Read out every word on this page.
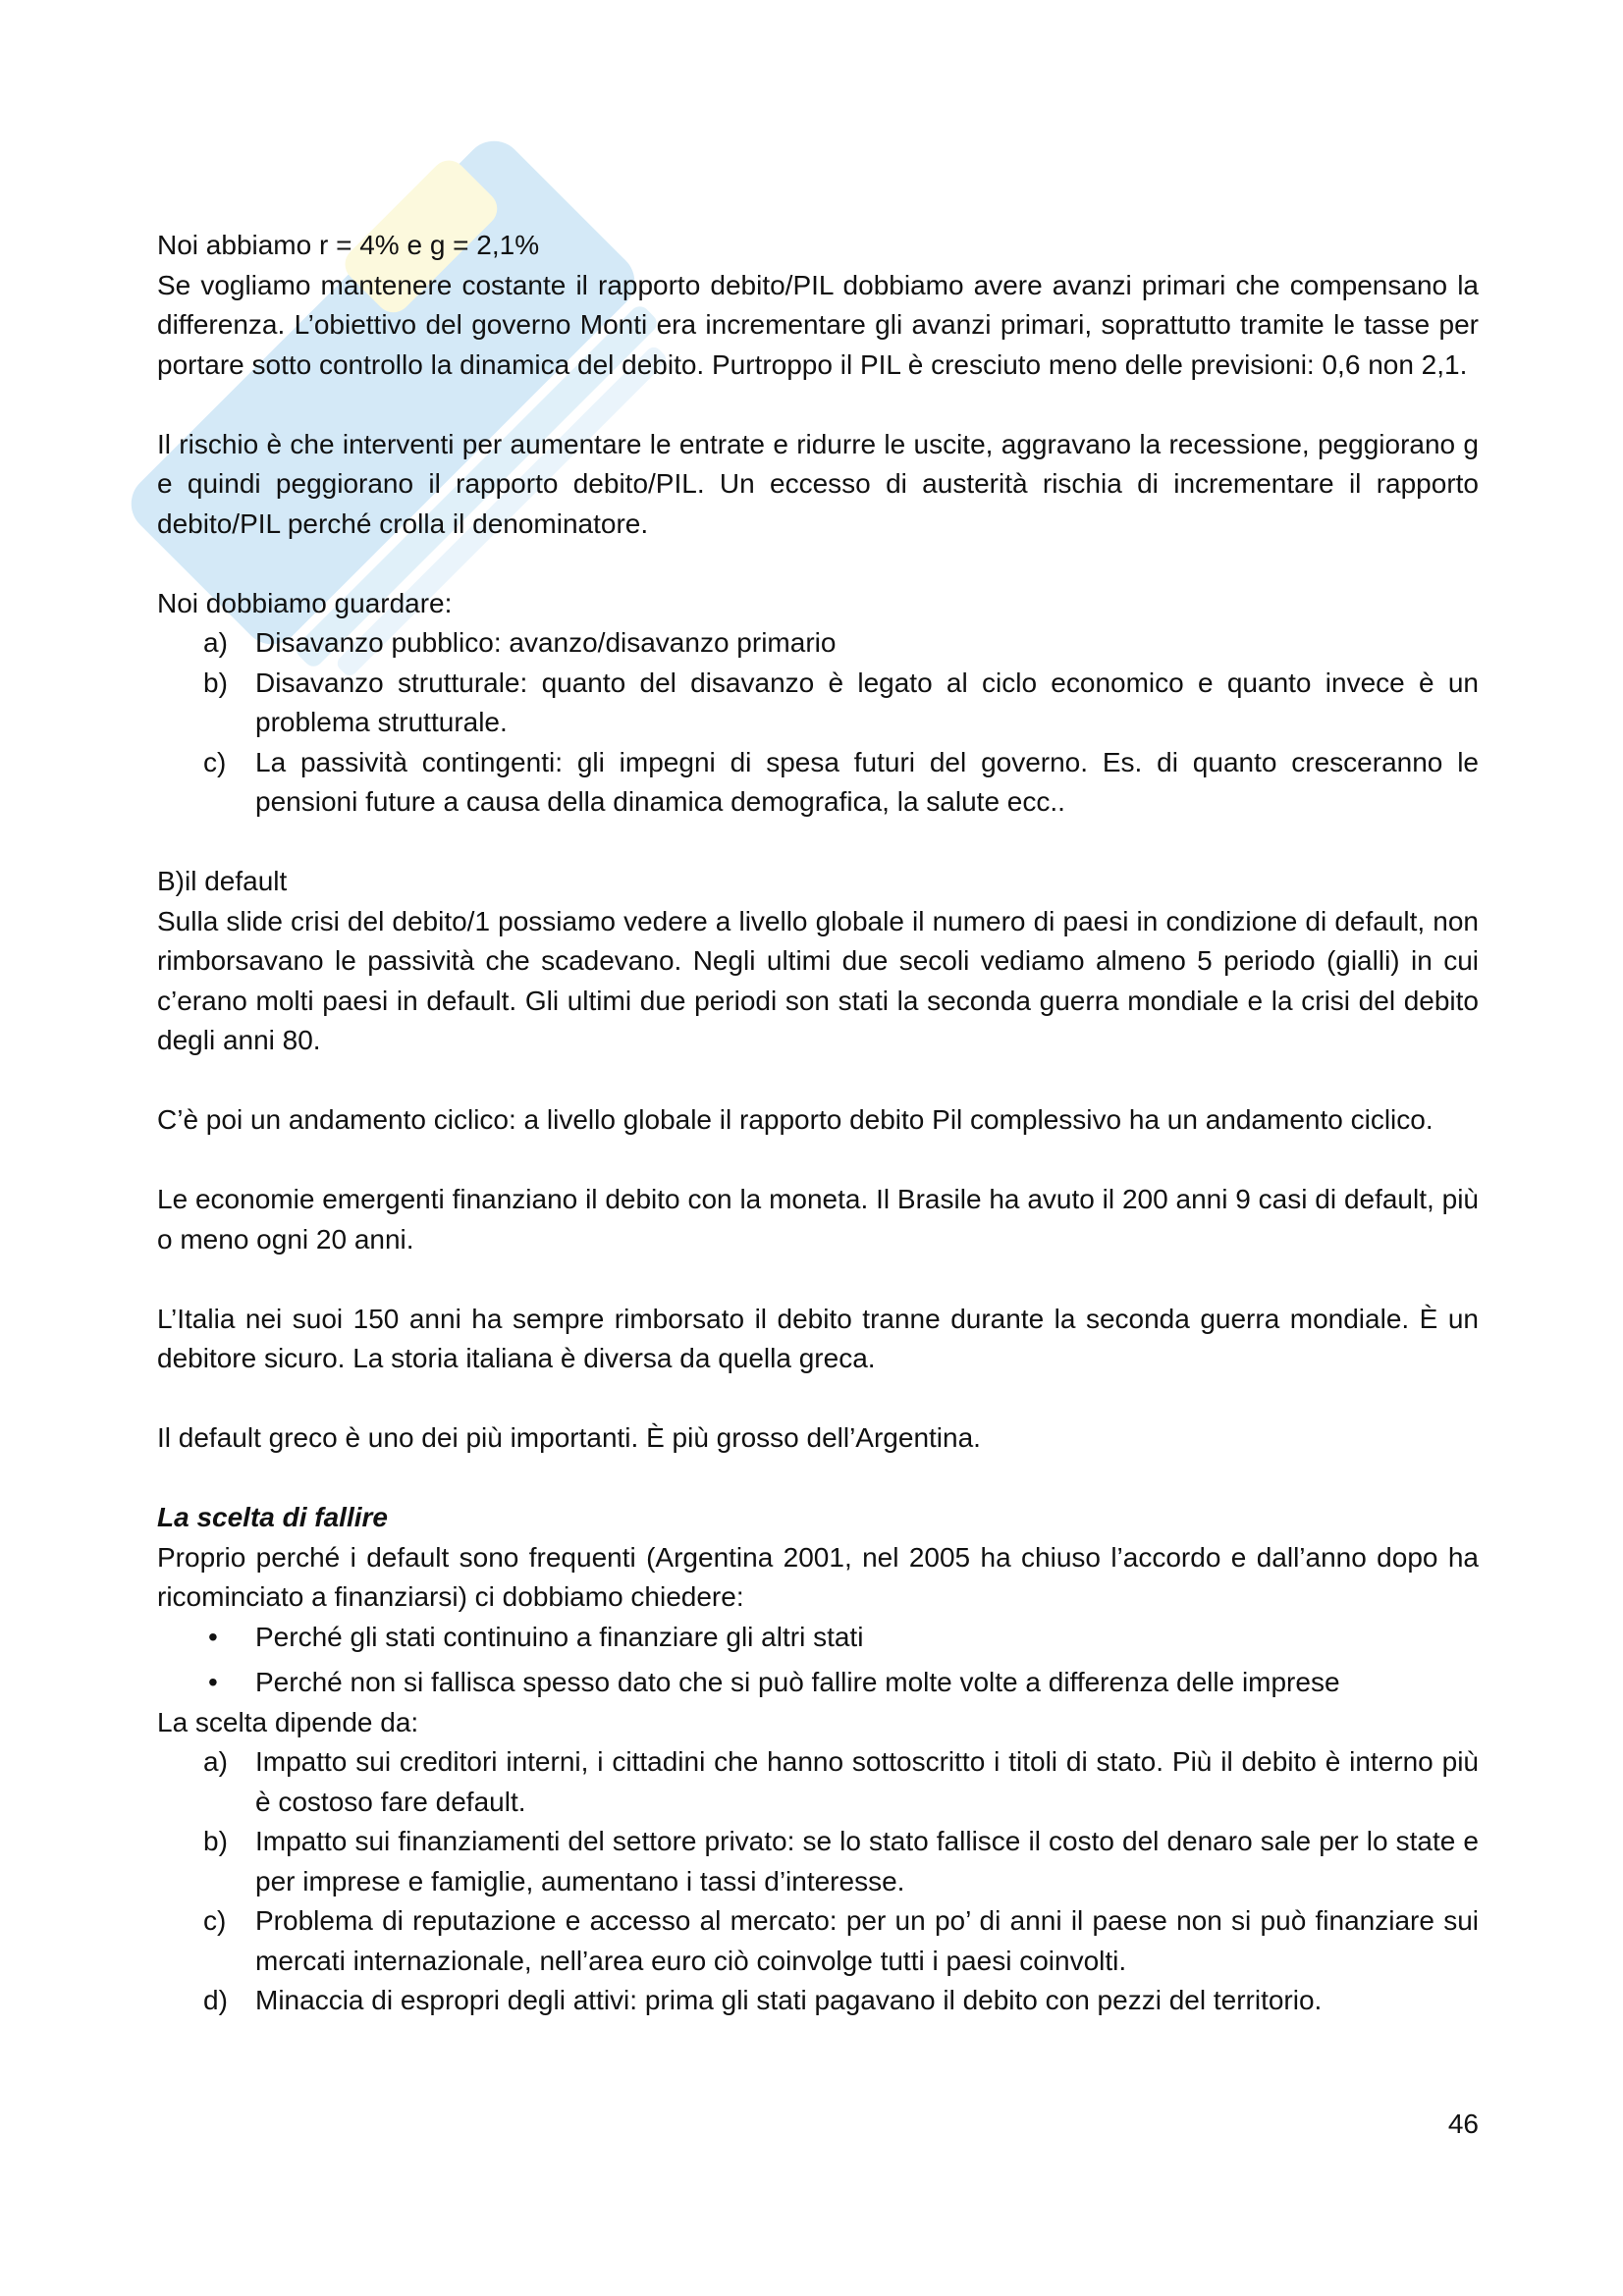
Noi abbiamo r = 4% e g = 2,1%

Se vogliamo mantenere costante il rapporto debito/PIL dobbiamo avere avanzi primari che compensano la differenza. L’obiettivo del governo Monti era incrementare gli avanzi primari, soprattutto tramite le tasse per portare sotto controllo la dinamica del debito. Purtroppo il PIL è cresciuto meno delle previsioni: 0,6 non 2,1.

Il rischio è che interventi per aumentare le entrate e ridurre le uscite, aggravano la recessione, peggiorano g e quindi peggiorano il rapporto debito/PIL. Un eccesso di austerità rischia di incrementare il rapporto debito/PIL perché crolla il denominatore.

Noi dobbiamo guardare:

a) Disavanzo pubblico: avanzo/disavanzo primario
b) Disavanzo strutturale: quanto del disavanzo è legato al ciclo economico e quanto invece è un problema strutturale.
c) La passività contingenti: gli impegni di spesa futuri del governo. Es. di quanto cresceranno le pensioni future a causa della dinamica demografica, la salute ecc..

B)il default

Sulla slide crisi del debito/1 possiamo vedere a livello globale il numero di paesi in condizione di default, non rimborsavano le passività che scadevano. Negli ultimi due secoli vediamo almeno 5 periodo (gialli) in cui c’erano molti paesi in default. Gli ultimi due periodi son stati la seconda guerra mondiale e la crisi del debito degli anni 80.

C’è poi un andamento ciclico: a livello globale il rapporto debito Pil complessivo ha un andamento ciclico.

Le economie emergenti finanziano il debito con la moneta. Il Brasile ha avuto il 200 anni 9 casi di default, più o meno ogni 20 anni.

L’Italia nei suoi 150 anni ha sempre rimborsato il debito tranne durante la seconda guerra mondiale. È un debitore sicuro. La storia italiana è diversa da quella greca.

Il default greco è uno dei più importanti. È più grosso dell’Argentina.

La scelta di fallire

Proprio perché i default sono frequenti (Argentina 2001, nel 2005 ha chiuso l’accordo e dall’anno dopo ha ricominciato a finanziarsi) ci dobbiamo chiedere:

• Perché gli stati continuino a finanziare gli altri stati
• Perché non si fallisca spesso dato che si può fallire molte volte a differenza delle imprese

La scelta dipende da:

a) Impatto sui creditori interni, i cittadini che hanno sottoscritto i titoli di stato. Più il debito è interno più è costoso fare default.
b) Impatto sui finanziamenti del settore privato: se lo stato fallisce il costo del denaro sale per lo state e per imprese e famiglie, aumentano i tassi d’interesse.
c) Problema di reputazione e accesso al mercato: per un po’ di anni il paese non si può finanziare sui mercati internazionale, nell’area euro ciò coinvolge tutti i paesi coinvolti.
d) Minaccia di espropri degli attivi: prima gli stati pagavano il debito con pezzi del territorio.
46
